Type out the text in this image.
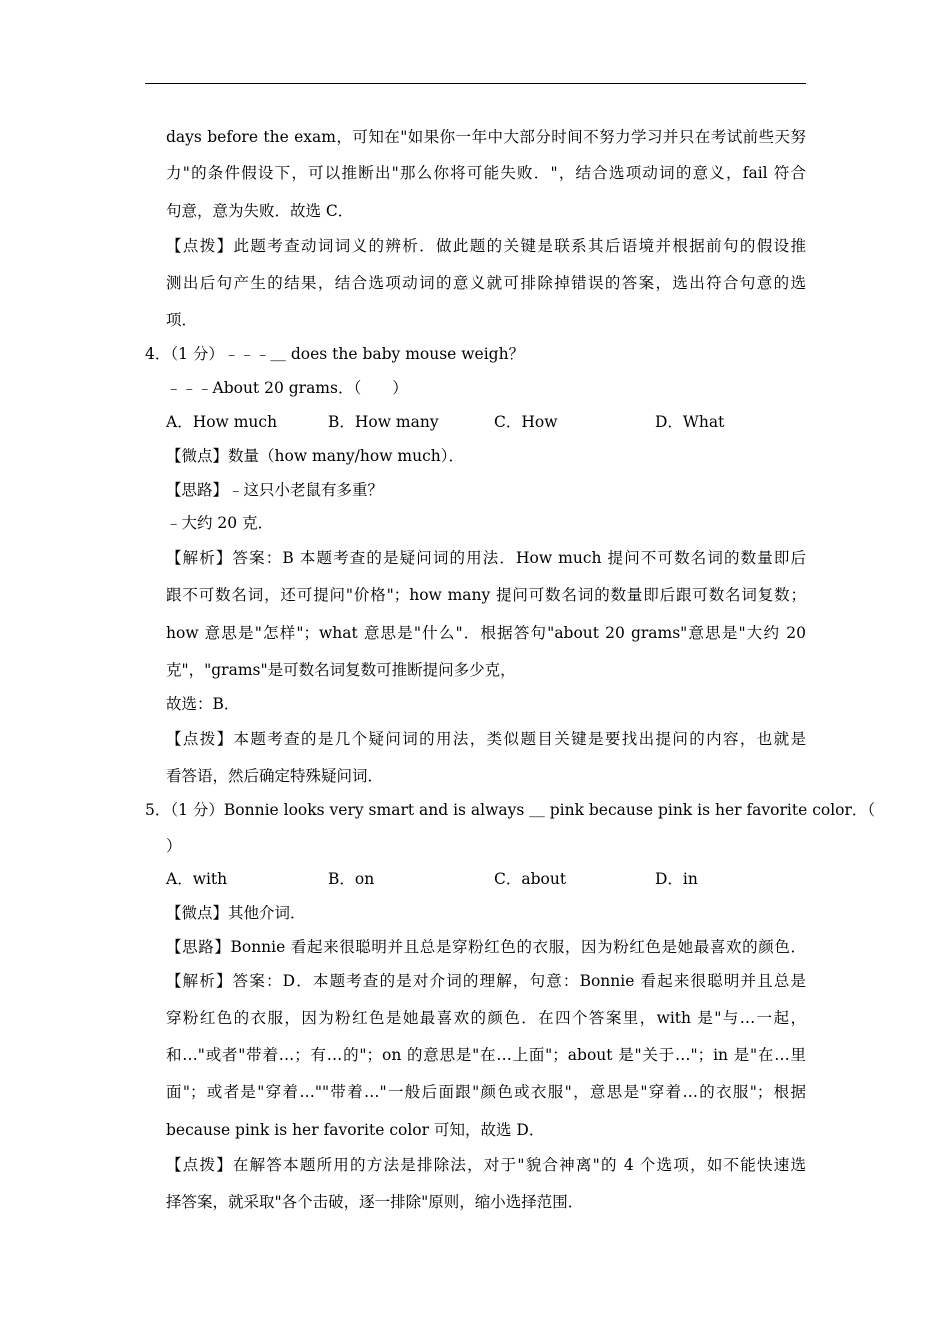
days before the exam，可知在"如果你一年中大部分时间不努力学习并只在考试前些天努
力"的条件假设下，可以推断出"那么你将可能失败．"，结合选项动词的意义，fail 符合
句意，意为失败．故选 C．
【点拨】此题考查动词词义的辨析．做此题的关键是联系其后语境并根据前句的假设推
测出后句产生的结果，结合选项动词的意义就可排除掉错误的答案，选出符合句意的选
项．
4．（1 分）﹣﹣﹣＿ does the baby mouse weigh？
﹣﹣﹣About 20 grams．（　　）
A．How much	B．How many	C．How	D．What
【微点】数量（how many/how much）．
【思路】﹣这只小老鼠有多重？
﹣大约 20 克．
【解析】答案：B 本题考查的是疑问词的用法．How much 提问不可数名词的数量即后
跟不可数名词，还可提问"价格"；how many 提问可数名词的数量即后跟可数名词复数；
how 意思是"怎样"；what 意思是"什么"．根据答句"about 20 grams"意思是"大约 20
克"，"grams"是可数名词复数可推断提问多少克，
故选：B．
【点拨】本题考查的是几个疑问词的用法，类似题目关键是要找出提问的内容，也就是
看答语，然后确定特殊疑问词．
5．（1 分）Bonnie looks very smart and is always ＿ pink because pink is her favorite color．（
）
A．with	B．on	C．about	D．in
【微点】其他介词．
【思路】Bonnie 看起来很聪明并且总是穿粉红色的衣服，因为粉红色是她最喜欢的颜色．
【解析】答案：D．本题考查的是对介词的理解，句意：Bonnie 看起来很聪明并且总是
穿粉红色的衣服，因为粉红色是她最喜欢的颜色．在四个答案里，with 是"与…一起，
和…"或者"带着…；有…的"；on 的意思是"在…上面"；about 是"关于…"；in 是"在…里
面"；或者是"穿着…""带着…"一般后面跟"颜色或衣服"，意思是"穿着…的衣服"；根据
because pink is her favorite color 可知，故选 D．
【点拨】在解答本题所用的方法是排除法，对于"貌合神离"的 4 个选项，如不能快速选
择答案，就采取"各个击破，逐一排除"原则，缩小选择范围．
